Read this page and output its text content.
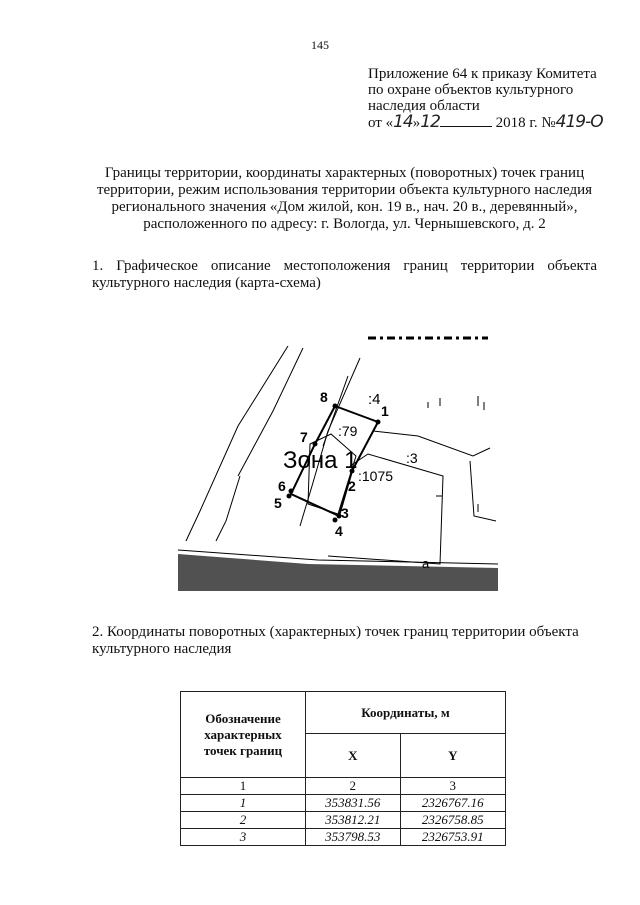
145
Приложение 64 к приказу Комитета
по охране объектов культурного
наследия области
от «14»12	2018 г. №419-О
Границы территории, координаты характерных (поворотных) точек границ
территории, режим использования территории объекта культурного наследия
регионального значения «Дом жилой, кон. 19 в., нач. 20 в., деревянный»,
расположенного по адресу: г. Вологда, ул. Чернышевского, д. 2
1. Графическое описание местоположения границ территории объекта
культурного наследия (карта-схема)
Зона 1
:4
:79
:3
:1075
1
2
3
4
5
6
7
8
a
2. Координаты поворотных (характерных) точек границ территории объекта
культурного наследия
Обозначение
характерных
точек границ	Координаты, м	
	X	Y
1	2	3
1	353831.56	2326767.16
2	353812.21	2326758.85
3	353798.53	2326753.91
